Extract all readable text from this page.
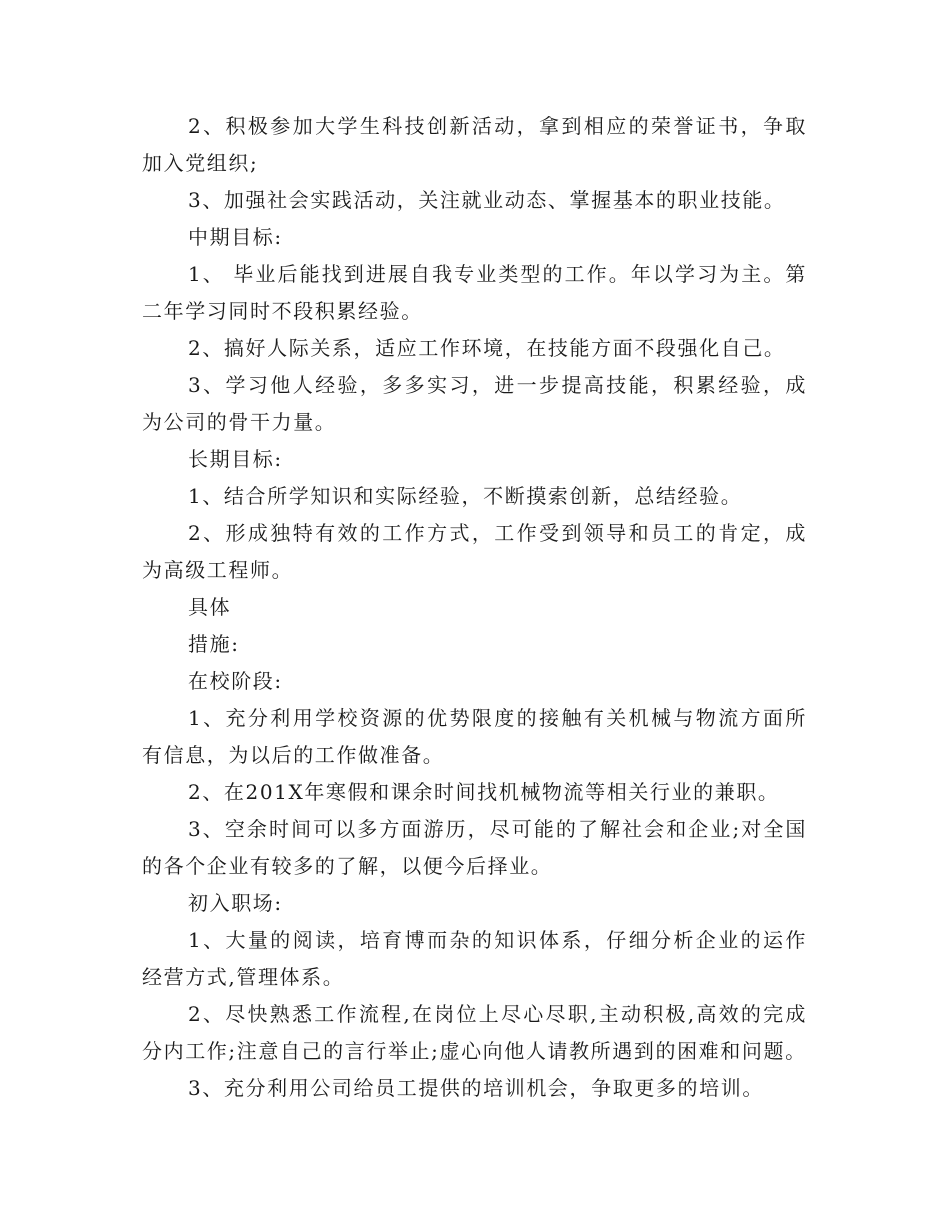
2、积极参加大学生科技创新活动，拿到相应的荣誉证书，争取加入党组织;

3、加强社会实践活动，关注就业动态、掌握基本的职业技能。

中期目标:

1、 毕业后能找到进展自我专业类型的工作。年以学习为主。第二年学习同时不段积累经验。

2、搞好人际关系，适应工作环境，在技能方面不段强化自己。

3、学习他人经验，多多实习，进一步提高技能，积累经验，成为公司的骨干力量。

长期目标:

1、结合所学知识和实际经验，不断摸索创新，总结经验。

2、形成独特有效的工作方式，工作受到领导和员工的肯定，成为高级工程师。

具体

措施:

在校阶段:

1、充分利用学校资源的优势限度的接触有关机械与物流方面所有信息，为以后的工作做准备。

2、在201X年寒假和课余时间找机械物流等相关行业的兼职。

3、空余时间可以多方面游历，尽可能的了解社会和企业;对全国的各个企业有较多的了解，以便今后择业。

初入职场:

1、大量的阅读，培育博而杂的知识体系，仔细分析企业的运作经营方式,管理体系。

2、尽快熟悉工作流程,在岗位上尽心尽职,主动积极,高效的完成分内工作;注意自己的言行举止;虚心向他人请教所遇到的困难和问题。

3、充分利用公司给员工提供的培训机会，争取更多的培训。
